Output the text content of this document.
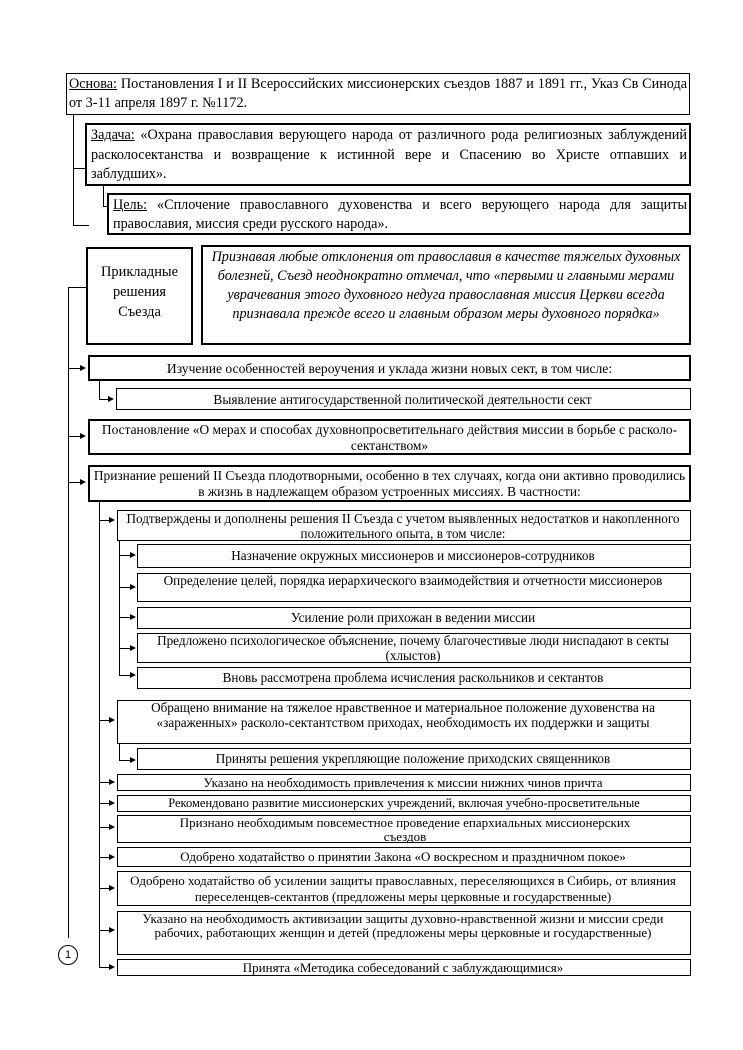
Основа: Постановления I и II Всероссийских миссионерских съездов 1887 и 1891 гг., Указ Св Синода от 3-11 апреля 1897 г. №1172.
Задача: «Охрана православия верующего народа от различного рода религиозных заблуждений расколосектанства и возвращение к истинной вере и Спасению во Христе отпавших и заблудших».
Цель: «Сплочение православного духовенства и всего верующего народа для защиты православия, миссия среди русского народа».
Прикладные решения Съезда
Признавая любые отклонения от православия в качестве тяжелых духовных болезней, Съезд неоднократно отмечал, что «первыми и главными мерами уврачевания этого духовного недуга православная миссия Церкви всегда признавала прежде всего и главным образом меры духовного порядка»
Изучение особенностей вероучения и уклада жизни новых сект, в том числе:
Выявление антигосударственной политической деятельности сект
Постановление «О мерах и способах духовнопросветительнаго действия миссии в борьбе с расколо-сектанством»
Признание решений II Съезда плодотворными, особенно в тех случаях, когда они активно проводились в жизнь в надлежащем образом устроенных миссиях. В частности:
Подтверждены и дополнены решения II Съезда с учетом выявленных недостатков и накопленного положительного опыта, в том числе:
Назначение окружных миссионеров и миссионеров-сотрудников
Определение целей, порядка иерархического взаимодействия и отчетности миссионеров
Усиление роли прихожан в ведении миссии
Предложено психологическое объяснение, почему благочестивые люди ниспадают в секты (хлыстов)
Вновь рассмотрена проблема исчисления раскольников и сектантов
Обращено внимание на тяжелое нравственное и материальное положение духовенства на «зараженных» расколо-сектантством приходах, необходимость их поддержки и защиты
Приняты решения укрепляющие положение приходских священников
Указано на необходимость привлечения к миссии нижних чинов причта
Рекомендовано развитие миссионерских учреждений, включая учебно-просветительные
Признано необходимым повсеместное проведение епархиальных миссионерских съездов
Одобрено ходатайство о принятии Закона «О воскресном и праздничном покое»
Одобрено ходатайство об усилении защиты православных, переселяющихся в Сибирь, от влияния переселенцев-сектантов (предложены меры церковные и государственные)
Указано на необходимость активизации защиты духовно-нравственной жизни и миссии среди рабочих, работающих женщин и детей (предложены меры церковные и государственные)
Принята «Методика собеседований с заблуждающимися»
1
